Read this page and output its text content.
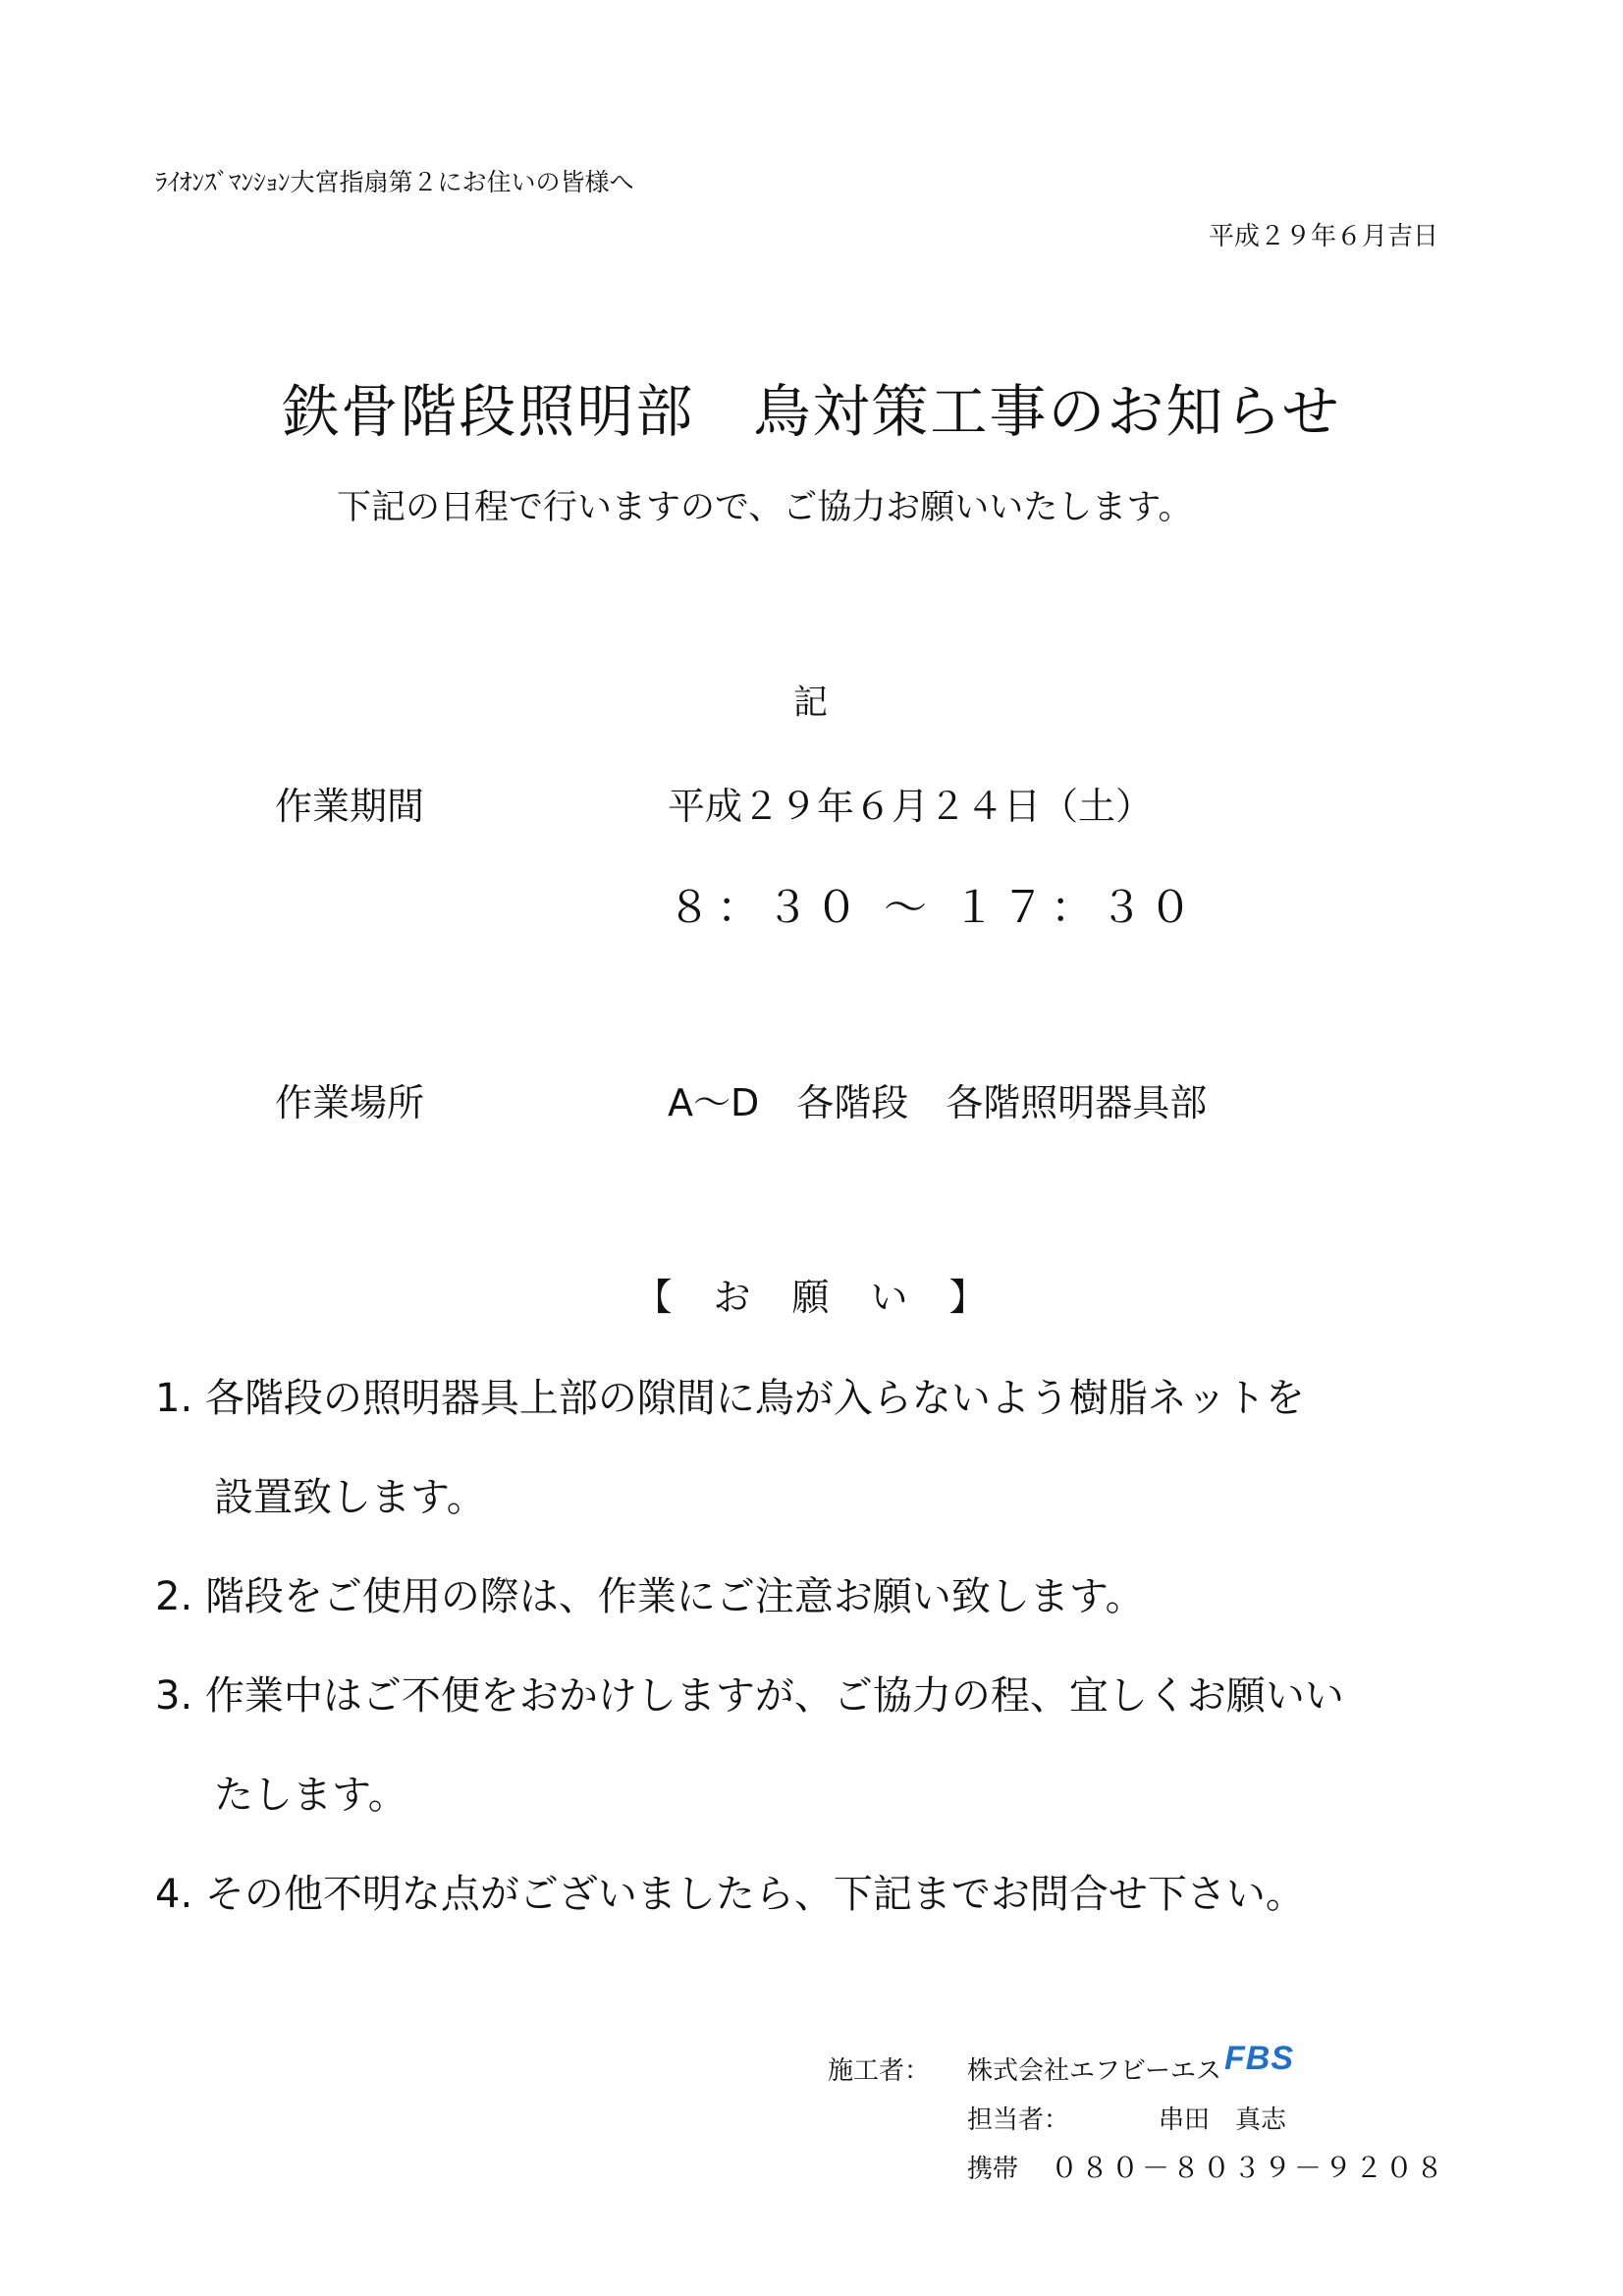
ﾗｲｵﾝｽﾞﾏﾝｼｮﾝ大宮指扇第２にお住いの皆様へ
平成２９年６月吉日
鉄骨階段照明部　鳥対策工事のお知らせ
下記の日程で行いますので、ご協力お願いいたします。
記
作業期間	平成２９年６月２４日（土）
８：３０ ～ １７：３０
作業場所	A～D　各階段　各階照明器具部
【　お　願　い　】
1. 各階段の照明器具上部の隙間に鳥が入らないよう樹脂ネットを
設置致します。
2. 階段をご使用の際は、作業にご注意お願い致します。
3. 作業中はご不便をおかけしますが、ご協力の程、宜しくお願いい
たします。
4. その他不明な点がございましたら、下記までお問合せ下さい。
施工者： 株式会社エフビーエス FBS
担当者：	串田　真志
携帯 ０８０－８０３９－９２０８
